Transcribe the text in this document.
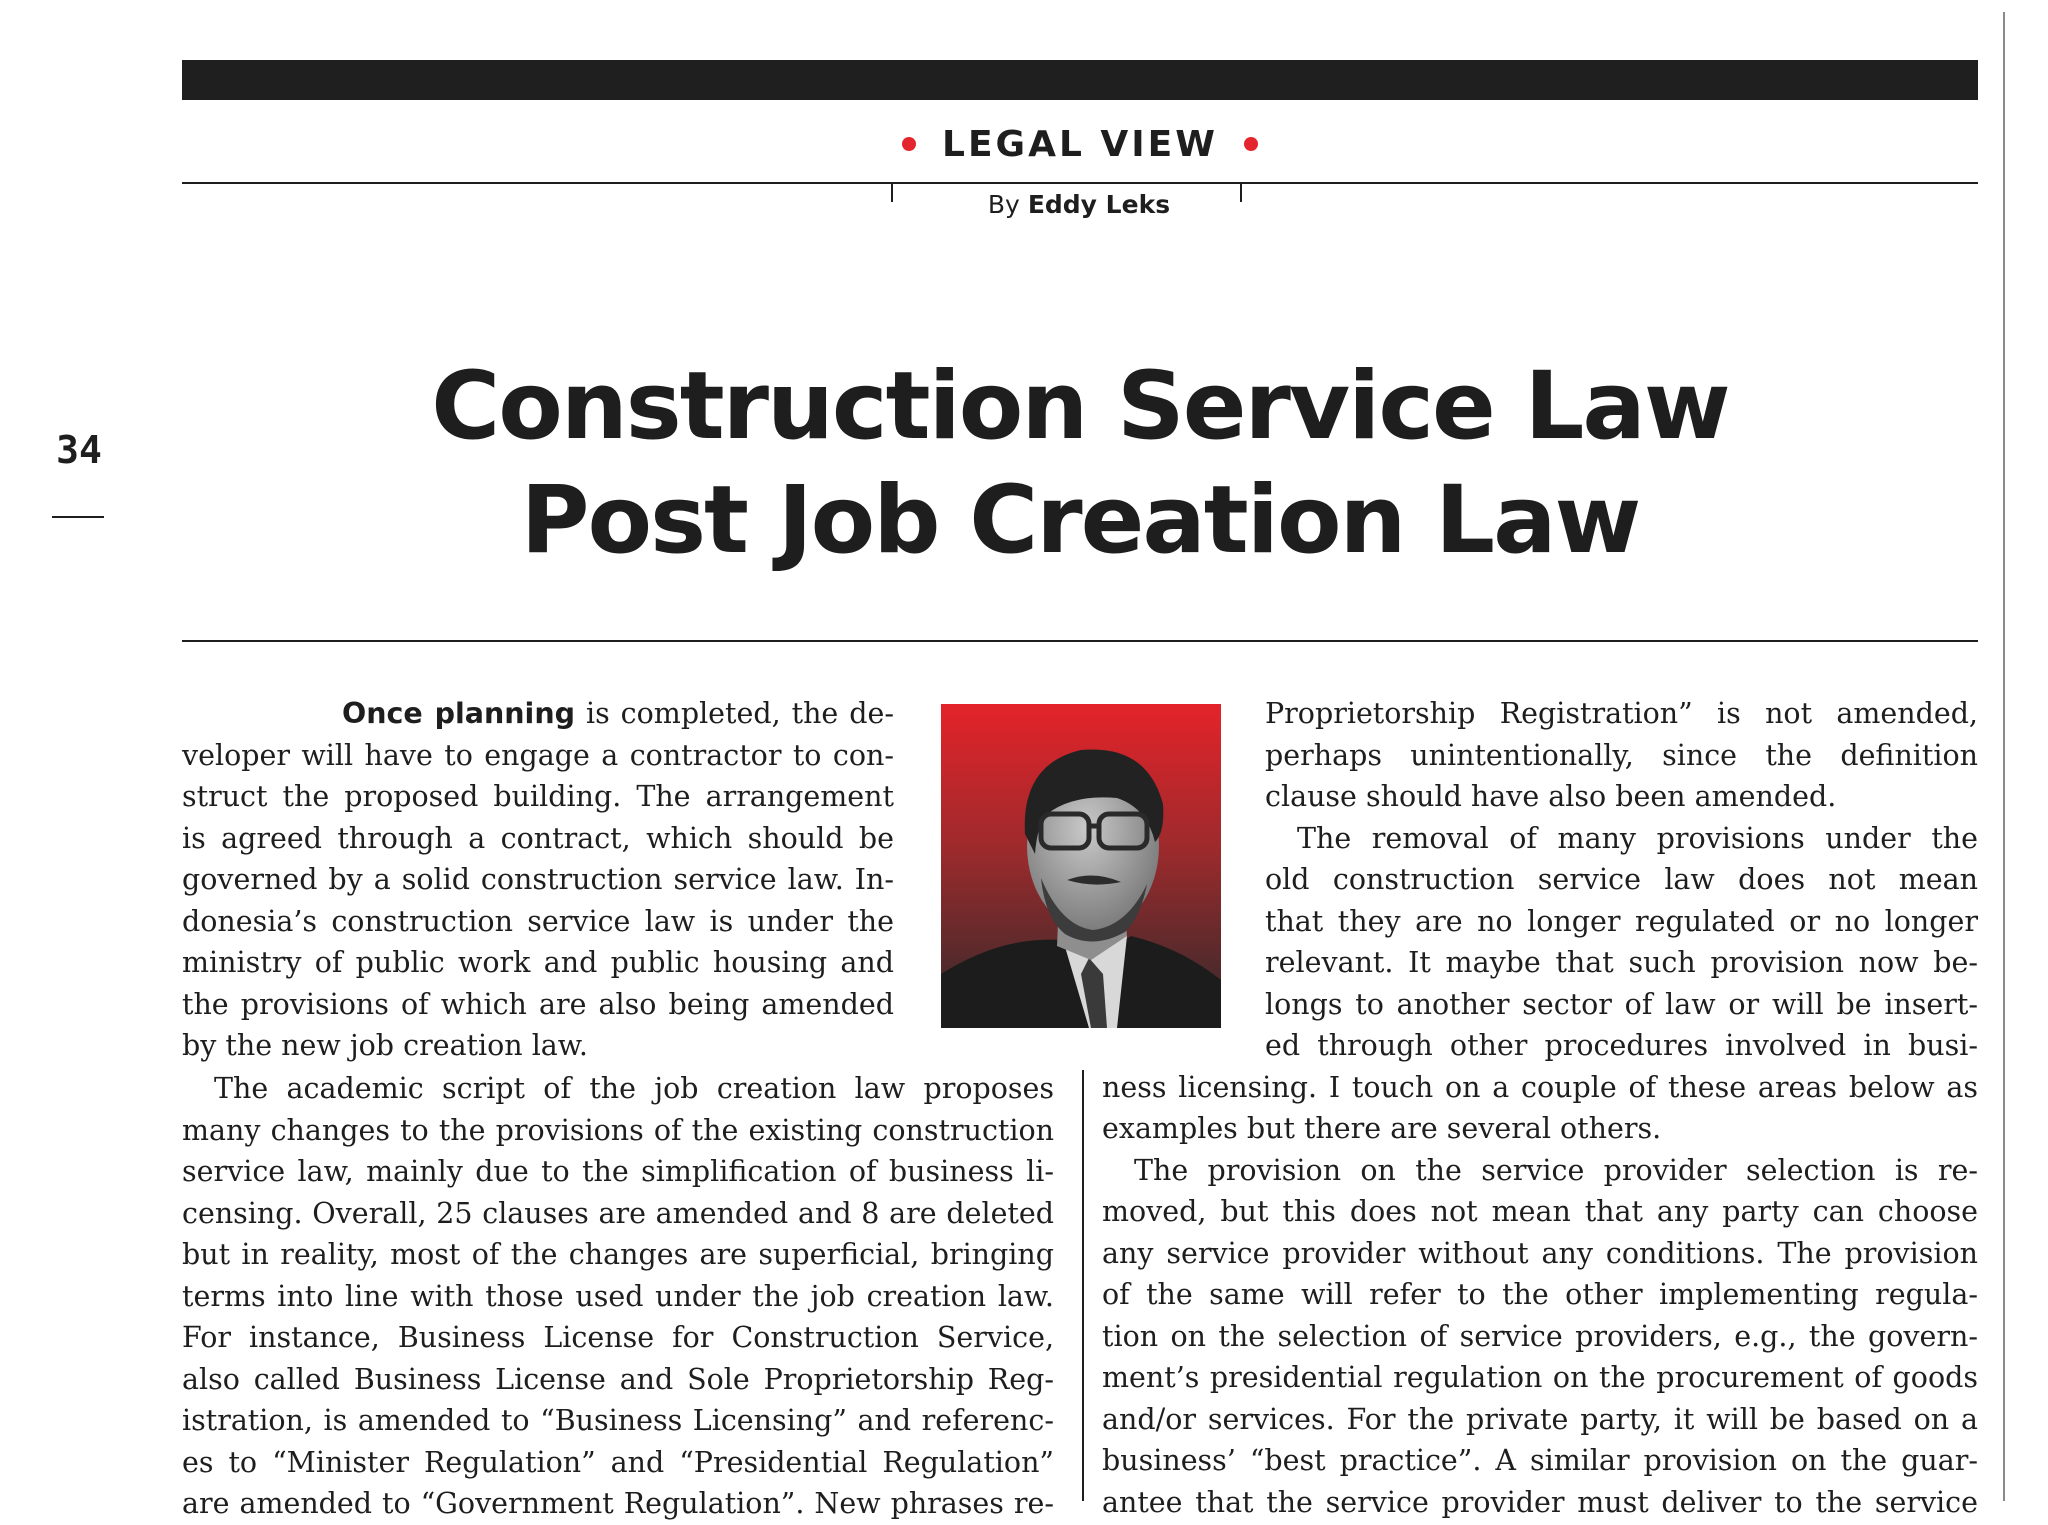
LEGAL VIEW
By Eddy Leks
34	Construction Service Law
Post Job Creation Law
Once planning is completed, the de-
veloper will have to engage a contractor to con-
struct the proposed building. The arrangement
is agreed through a contract, which should be
governed by a solid construction service law. In-
donesia’s construction service law is under the
ministry of public work and public housing and
the provisions of which are also being amended
by the new job creation law.
The academic script of the job creation law proposes
many changes to the provisions of the existing construction
service law, mainly due to the simplification of business li-
censing. Overall, 25 clauses are amended and 8 are deleted
but in reality, most of the changes are superficial, bringing
terms into line with those used under the job creation law.
For instance, Business License for Construction Service,
also called Business License and Sole Proprietorship Reg-
istration, is amended to “Business Licensing” and referenc-
es to “Minister Regulation” and “Presidential Regulation”
are amended to “Government Regulation”. New phrases re-
Proprietorship Registration” is not amended,
perhaps unintentionally, since the definition
clause should have also been amended.
The removal of many provisions under the
old construction service law does not mean
that they are no longer regulated or no longer
relevant. It maybe that such provision now be-
longs to another sector of law or will be insert-
ed through other procedures involved in busi-
ness licensing. I touch on a couple of these areas below as
examples but there are several others.
The provision on the service provider selection is re-
moved, but this does not mean that any party can choose
any service provider without any conditions. The provision
of the same will refer to the other implementing regula-
tion on the selection of service providers, e.g., the govern-
ment’s presidential regulation on the procurement of goods
and/or services. For the private party, it will be based on a
business’ “best practice”. A similar provision on the guar-
antee that the service provider must deliver to the service
